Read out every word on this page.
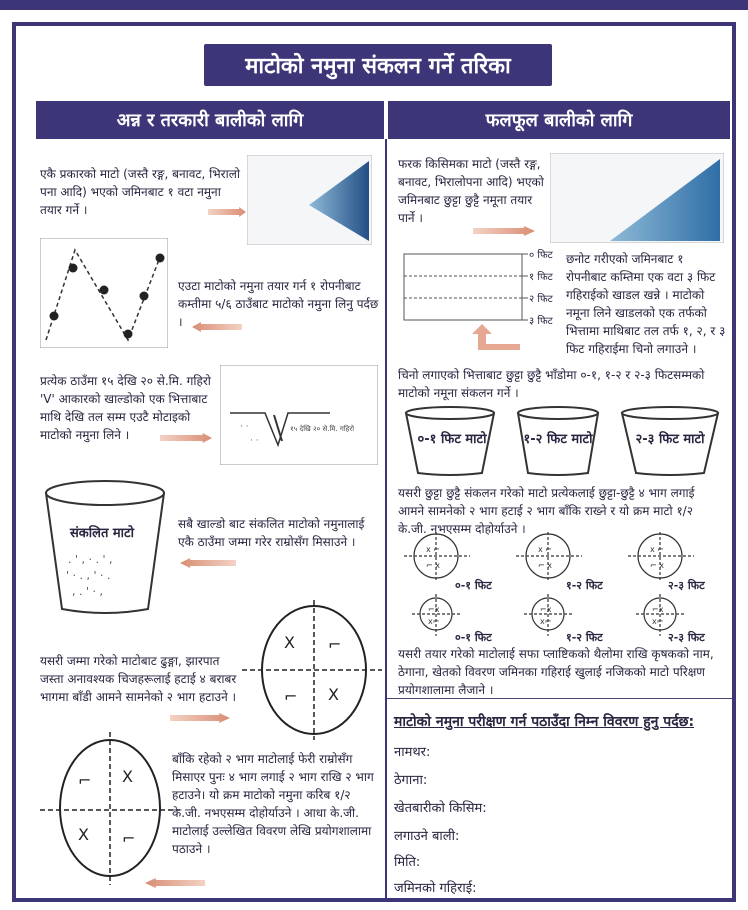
माटोको नमुना संकलन गर्ने तरिका
अन्न र तरकारी बालीको लागि	फलफूल बालीको लागि
एकै प्रकारको माटो (जस्तै रङ्ग, बनावट, भिरालो पना आदि) भएको जमिनबाट १ वटा नमुना तयार गर्ने ।
एउटा माटोको नमुना तयार गर्न १ रोपनीबाट कम्तीमा ५/६ ठाउँबाट माटोको नमुना लिनु पर्दछ ।
प्रत्येक ठाउँमा १५ देखि २० से.मि. गहिरो 'V' आकारको खाल्डोको एक भित्ताबाट माथि देखि तल सम्म एउटै मोटाइको माटोको नमुना लिने ।	१५ देखि २० से.मि. गहिरो
· ·
· ·
संकलित माटो
. ' , · . ' ,
' · . , ' · .
, . ' · ,
सबै खाल्डो बाट संकलित माटोको नमुनालाई एकै ठाउँमा जम्मा गरेर राम्रोसँग मिसाउने ।
यसरी जम्मा गरेको माटोबाट ढुङ्गा, झारपात जस्ता अनावश्यक चिजहरूलाई हटाई ४ बराबर भागमा बाँडी आमने सामनेको २ भाग हटाउने ।
X ⌐
⌐ X
⌐ X
X ⌐
बाँकि रहेको २ भाग माटोलाई फेरी राम्रोसँग मिसाएर पुनः ४ भाग लगाई २ भाग राखि २ भाग हटाउने। यो क्रम माटोको नमुना करिब १/२ के.जी. नभएसम्म दोहोर्याउने । आधा के.जी. माटोलाई उल्लेखित विवरण लेखि प्रयोगशालामा पठाउने ।
फरक किसिमका माटो (जस्तै रङ्ग, बनावट, भिरालोपना आदि) भएको जमिनबाट छुट्टा छुट्टै नमूना तयार पार्ने ।
० फिट
१ फिट
२ फिट
३ फिट
छनोट गरीएको जमिनबाट १ रोपनीबाट कम्तिमा एक वटा ३ फिट गहिराईको खाडल खन्ने । माटोको नमूना लिने खाडलको एक तर्फको भित्तामा माथिबाट तल तर्फ १, २, र ३ फिट गहिराईमा चिनो लगाउने ।
चिनो लगाएको भित्ताबाट छुट्टा छुट्टै भाँडोमा ०-१, १-२ र २-३ फिटसम्मको माटोको नमूना संकलन गर्ने ।
०-१ फिट माटो	१-२ फिट माटो	२-३ फिट माटो
यसरी छुट्टा छुट्टै संकलन गरेको माटो प्रत्येकलाई छुट्टा-छुट्टै ४ भाग लगाई आमने सामनेको २ भाग हटाई २ भाग बाँकि राख्ने र यो क्रम माटो १/२ के.जी. नभएसम्म दोहोर्याउने ।
x ⌐
⌐ x
x ⌐
⌐ x
x ⌐
⌐ x
⌐x
x⌐
⌐x
x⌐
⌐x
x⌐
०-१ फिट	१-२ फिट	२-३ फिट
०-१ फिट	१-२ फिट	२-३ फिट
यसरी तयार गरेको माटोलाई सफा प्लाष्टिकको थैलोमा राखि कृषकको नाम, ठेगाना, खेतको विवरण जमिनका गहिराई खुलाई नजिकको माटो परिक्षण प्रयोगशालामा लैजाने ।
माटोको नमुना परीक्षण गर्न पठाउँदा निम्न विवरण हुनु पर्दछ:
नामथर:
ठेगाना:
खेतबारीको किसिम:
लगाउने बाली:
मिति:
जमिनको गहिराई:
